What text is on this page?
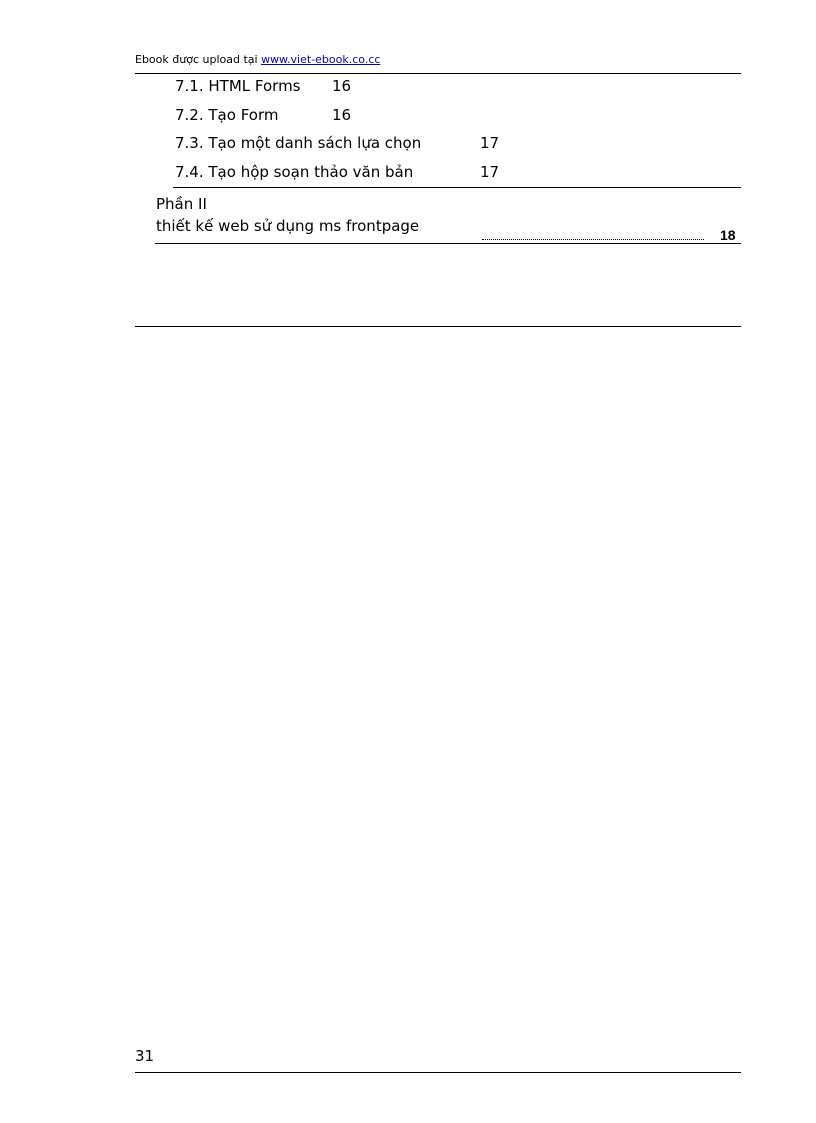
Ebook được upload tại www.viet-ebook.co.cc
7.1. HTML Forms 16
7.2. Tạo Form	16
7.3. Tạo một danh sách lựa chọn	17
7.4. Tạo hộp soạn thảo văn bản	17
Phần II
thiết kế web sử dụng ms frontpage	18
31
